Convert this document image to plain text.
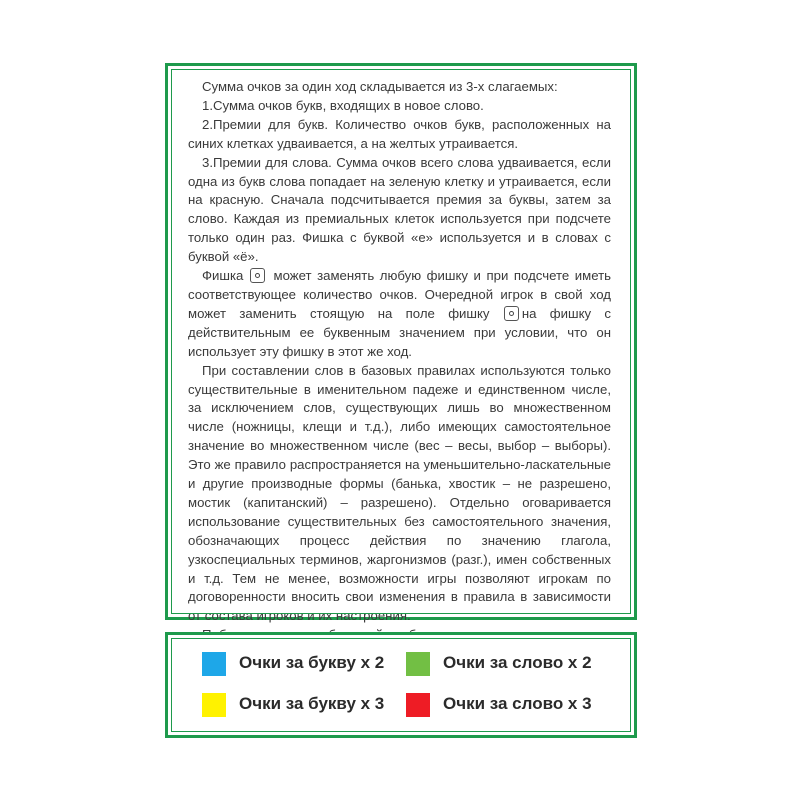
Сумма очков за один ход складывается из 3-х слагаемых:

1.Сумма очков букв, входящих в новое слово.

2.Премии для букв. Количество очков букв, расположенных на синих клетках удваивается, а на желтых утраивается.

3.Премии для слова. Сумма очков всего слова удваивается, если одна из букв слова попадает на зеленую клетку и утраивается, если на красную. Сначала подсчитывается премия за буквы, затем за слово. Каждая из премиальных клеток используется при подсчете только один раз. Фишка с буквой «е» используется и в словах с буквой «ё».

Фишка может заменять любую фишку и при подсчете иметь соответствующее количество очков. Очередной игрок в свой ход может заменить стоящую на поле фишку на фишку с действительным ее буквенным значением при условии, что он использует эту фишку в этот же ход.

При составлении слов в базовых правилах используются только существительные в именительном падеже и единственном числе, за исключением слов, существующих лишь во множественном числе (ножницы, клещи и т.д.), либо имеющих самостоятельное значение во множественном числе (вес – весы, выбор – выборы). Это же правило распространяется на уменьшительно-ласкательные и другие производные формы (банька, хвостик – не разрешено, мостик (капитанский) – разрешено). Отдельно оговаривается использование существительных без самостоятельного значения, обозначающих процесс действия по значению глагола, узкоспециальных терминов, жаргонизмов (разг.), имен собственных и т.д. Тем не менее, возможности игры позволяют игрокам по договоренности вносить свои изменения в правила в зависимости от состава игроков и их настроения.

Очки за букву х 2	Очки за слово х 2
Очки за букву х 3	Очки за слово х 3
